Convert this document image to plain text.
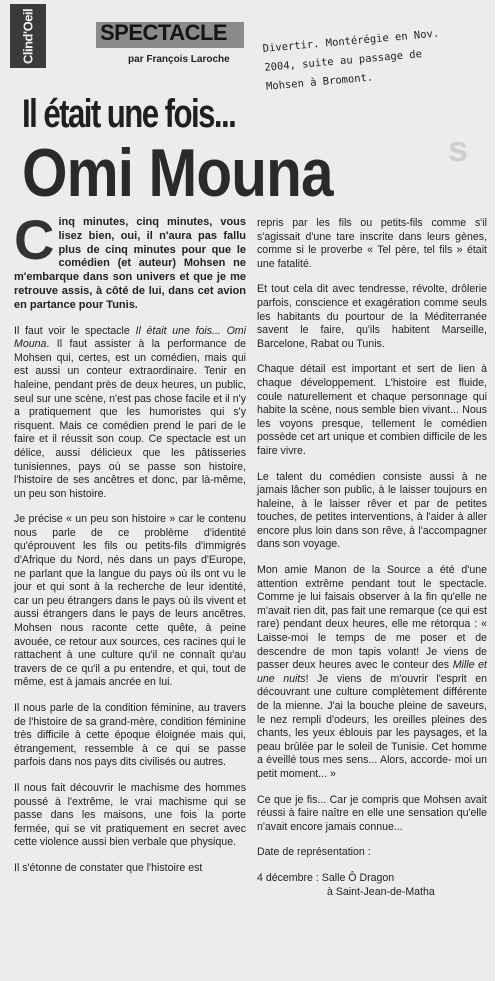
Clind'Oeil	SPECTACLE
par François Laroche
Divertir. Montérégie en Nov.
2004, suite au passage de
Mohsen à Bromont.
s
Il était une fois...
Omi Mouna

Cinq minutes, cinq minutes, vous lisez bien, oui, il n'aura pas fallu plus de cinq minutes pour que le comédien (et auteur) Mohsen ne m'embarque dans son univers et que je me retrouve assis, à côté de lui, dans cet avion en partance pour Tunis.

Il faut voir le spectacle Il était une fois... Omi Mouna. Il faut assister à la performance de Mohsen qui, certes, est un comédien, mais qui est aussi un conteur extraordinaire. Tenir en haleine, pendant près de deux heures, un public, seul sur une scène, n'est pas chose facile et il n'y a pratiquement que les humoristes qui s'y risquent. Mais ce comédien prend le pari de le faire et il réussit son coup. Ce spectacle est un délice, aussi délicieux que les pâtisseries tunisiennes, pays où se passe son histoire, l'histoire de ses ancêtres et donc, par là-même, un peu son histoire.

Je précise « un peu son histoire » car le contenu nous parle de ce problème d'identité qu'éprouvent les fils ou petits-fils d'immigrés d'Afrique du Nord, nés dans un pays d'Europe, ne parlant que la langue du pays où ils ont vu le jour et qui sont à la recherche de leur identité, car un peu étrangers dans le pays où ils vivent et aussi étrangers dans le pays de leurs ancêtres. Mohsen nous raconte cette quête, à peine avouée, ce retour aux sources, ces racines qui le rattachent à une culture qu'il ne connaît qu'au travers de ce qu'il a pu entendre, et qui, tout de même, est à jamais ancrée en lui.

Il nous parle de la condition féminine, au travers de l'histoire de sa grand-mère, condition féminine très difficile à cette époque éloignée mais qui, étrangement, ressemble à ce qui se passe parfois dans nos pays dits civilisés ou autres.

Il nous fait découvrir le machisme des hommes poussé à l'extrême, le vrai machisme qui se passe dans les maisons, une fois la porte fermée, qui se vit pratiquement en secret avec cette violence aussi bien verbale que physique.

Il s'étonne de constater que l'histoire est

repris par les fils ou petits-fils comme s'il s'agissait d'une tare inscrite dans leurs gènes, comme si le proverbe « Tel père, tel fils » était une fatalité.

Et tout cela dit avec tendresse, révolte, drôlerie parfois, conscience et exagération comme seuls les habitants du pourtour de la Méditerranée savent le faire, qu'ils habitent Marseille, Barcelone, Rabat ou Tunis.

Chaque détail est important et sert de lien à chaque développement. L'histoire est fluide, coule naturellement et chaque personnage qui habite la scène, nous semble bien vivant... Nous les voyons presque, tellement le comédien possède cet art unique et combien difficile de les faire vivre.

Le talent du comédien consiste aussi à ne jamais lâcher son public, à le laisser toujours en haleine, à le laisser rêver et par de petites touches, de petites interventions, à l'aider à aller encore plus loin dans son rêve, à l'accompagner dans son voyage.

Mon amie Manon de la Source a été d'une attention extrême pendant tout le spectacle. Comme je lui faisais observer à la fin qu'elle ne m'avait rien dit, pas fait une remarque (ce qui est rare) pendant deux heures, elle me rétorqua : « Laisse-moi le temps de me poser et de descendre de mon tapis volant! Je viens de passer deux heures avec le conteur des Mille et une nuits! Je viens de m'ouvrir l'esprit en découvrant une culture complètement différente de la mienne. J'ai la bouche pleine de saveurs, le nez rempli d'odeurs, les oreilles pleines des chants, les yeux éblouis par les paysages, et la peau brûlée par le soleil de Tunisie. Cet homme a éveillé tous mes sens... Alors, accorde- moi un petit moment... »

Ce que je fis... Car je compris que Mohsen avait réussi à faire naître en elle une sensation qu'elle n'avait encore jamais connue...

Date de représentation :

4 décembre : Salle Ô Dragon
à Saint-Jean-de-Matha
